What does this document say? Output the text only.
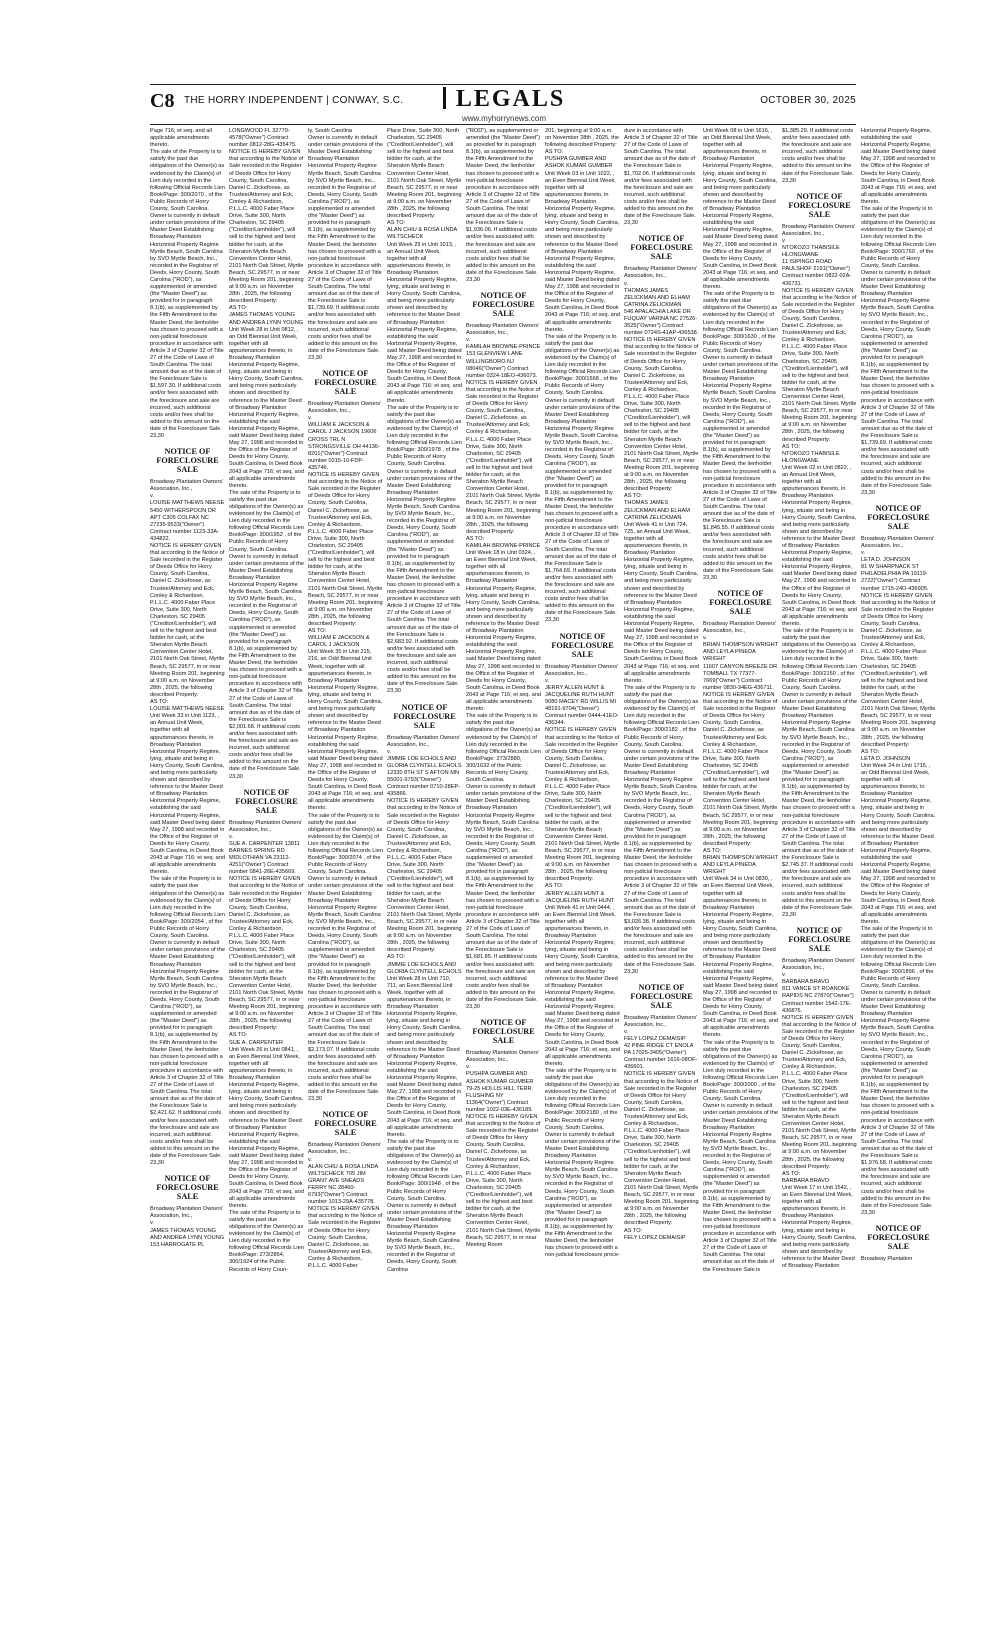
C8 THE HORRY INDEPENDENT | CONWAY, S.C.	LEGALS	OCTOBER 30, 2025
www.myhorrynews.com
Page 716; et seq. and all applicable amendments thereto.
The sale of the Property is to satisfy the past due obligations of the Owner(s) as evidenced by the Claim(s) of Lien duly recorded in the following Official Records Lien Book/Page: 300/2070 , of the Public Records of Horry County, South Carolina.
Owner is currently in default under certain provisions of the Master Deed Establishing Broadway Plantation Horizontal Property Regime Myrtle Beach, South Carolina by SVO Myrtle Beach, Inc., recorded in the Registrar of Deeds, Horry County, South Carolina ("ROD"), as supplemented or amended (the "Master Deed") as provided for in paragraph 8.1(b), as supplemented by the Fifth Amendment to the Master Deed, the lienholder has chosen to proceed with a non-judicial foreclosure procedure in accordance with Article 3 of Chapter 32 of Title 27 of the Code of Laws of South Carolina. The total amount due as of the date of the Foreclosure Sale is $1,597.30. If additional costs and/or fees associated with the foreclosure and sale are incurred, such additional costs and/or fees shall be added to this amount on the date of the Foreclosure Sale.
23,30
NOTICE OF FORECLOSURE SALE
Broadway Plantation Owners' Association, Inc.,
v.
LOUISE MATTHEWS NEESE
5450 WITHERSPOON DR APT C305 COLFAX NC 27235-9533("Owner") Contract number 1123-33A-434822.
NOTICE IS HEREBY GIVEN that according to the Notice of Sale recorded in the Register of Deeds Office for Horry County, South Carolina, Daniel C. Zickefoose, as Trustee/Attorney and Eck, Conley & Richardson, P.L.L.C. 4000 Faber Place Drive, Suite 300, North Charleston, SC 29405 ("Creditor/Lienholder"), will sell to the highest and best bidder for cash, at the Sheraton Myrtle Beach Convention Center Hotel, 2101 North Oak Street, Myrtle Beach, SC 29577, in or near Meeting Room 201, beginning at 9:00 a.m. on November 28th , 2025, the following described Property:
AS TO:
LOUISE MATTHEWS NEESE
Unit Week 33 in Unit 1123, , an Annual Unit Week, together with all appurtenances thereto, in Broadway Plantation Horizontal Property Regime, lying, situate and being in Horry County, South Carolina, and being more particularly shown and described by reference to the Master Deed of Broadway Plantation Horizontal Property Regime, establishing the said Horizontal Property Regime, said Master Deed being dated May 27, 1998 and recorded in the Office of the Register of Deeds for Horry County, South Carolina, in Deed Book 2043 at Page 716; et seq. and all applicable amendments thereto.
The sale of the Property is to satisfy the past due obligations of the Owner(s) as evidenced by the Claim(s) of Lien duly recorded in the following Official Records Lien Book/Page: 300/2054 , of the Public Records of Horry County, South Carolina.
Owner is currently in default under certain provisions of the Master Deed Establishing Broadway Plantation Horizontal Property Regime Myrtle Beach, South Carolina by SVO Myrtle Beach, Inc., recorded in the Registrar of Deeds, Horry County, South Carolina ("ROD"), as supplemented or amended (the "Master Deed") as provided for in paragraph 8.1(b), as supplemented by the Fifth Amendment to the Master Deed, the lienholder has chosen to proceed with a non-judicial foreclosure procedure in accordance with Article 3 of Chapter 32 of Title 27 of the Code of Laws of South Carolina. The total amount due as of the date of the Foreclosure Sale is $2,421.62. If additional costs and/or fees associated with the foreclosure and sale are incurred, such additional costs and/or fees shall be added to this amount on the date of the Foreclosure Sale.
23,30
NOTICE OF FORECLOSURE SALE
Broadway Plantation Owners' Association, Inc.,
v.
JAMES THOMAS YOUNG AND ANDREA LYNN YOUNG
153 HARROGATE PL
LONGWOOD FL 32779-4578("Owner") Contract number 0812-28G-435475.
NOTICE IS HEREBY GIVEN that according to the Notice of Sale recorded in the Register of Deeds Office for Horry County, South Carolina, Daniel C. Zickefoose, as Trustee/Attorney and Eck, Conley & Richardson, P.L.L.C. 4000 Faber Place Drive, Suite 300, North Charleston, SC 29405 ("Creditor/Lienholder"), will sell to the highest and best bidder for cash, at the Sheraton Myrtle Beach Convention Center Hotel, 2101 North Oak Street, Myrtle Beach, SC 29577, in or near Meeting Room 201, beginning at 9:00 a.m. on November 28th , 2025, the following described Property:
AS TO:
JAMES THOMAS YOUNG AND ANDREA LYNN YOUNG
Unit Week 28 in Unit 0812, , an Odd Biennial Unit Week, together with all appurtenances thereto, in Broadway Plantation Horizontal Property Regime, lying, situate and being in Horry County, South Carolina, and being more particularly shown and described by reference to the Master Deed of Broadway Plantation Horizontal Property Regime, establishing the said Horizontal Property Regime, said Master Deed being dated May 27, 1998 and recorded in the Office of the Register of Deeds for Horry County, South Carolina, in Deed Book 2043 at Page 716; et seq. and all applicable amendments thereto.
The sale of the Property is to satisfy the past due obligations of the Owner(s) as evidenced by the Claim(s) of Lien duly recorded in the following Official Records Lien Book/Page: 300/1952 , of the Public Records of Horry County, South Carolina.
Owner is currently in default under certain provisions of the Master Deed Establishing Broadway Plantation Horizontal Property Regime Myrtle Beach, South Carolina by SVO Myrtle Beach, Inc., recorded in the Registrar of Deeds, Horry County, South Carolina ("ROD"), as supplemented or amended (the "Master Deed") as provided for in paragraph 8.1(b), as supplemented by the Fifth Amendment to the Master Deed, the lienholder has chosen to proceed with a non-judicial foreclosure procedure in accordance with Article 3 of Chapter 32 of Title 27 of the Code of Laws of South Carolina. The total amount due as of the date of the Foreclosure Sale is $2,001.68. If additional costs and/or fees associated with the foreclosure and sale are incurred, such additional costs and/or fees shall be added to this amount on the date of the Foreclosure Sale.
23,30
NOTICE OF FORECLOSURE SALE
Broadway Plantation Owners' Association, Inc.,
v.
SUE A. CARPENTER 13811 BARNES SPRING RD MIDLOTHIAN VA 23112-4251("Owner") Contract number 0841-26E-435669.
NOTICE IS HEREBY GIVEN that according to the Notice of Sale recorded in the Register of Deeds Office for Horry County, South Carolina, Daniel C. Zickefoose, as Trustee/Attorney and Eck, Conley & Richardson, P.L.L.C. 4000 Faber Place Drive, Suite 300, North Charleston, SC 29405 ("Creditor/Lienholder"), will sell to the highest and best bidder for cash, at the Sheraton Myrtle Beach Convention Center Hotel, 2101 North Oak Street, Myrtle Beach, SC 29577, in or near Meeting Room 201, beginning at 9:00 a.m. on November 28th , 2025, the following described Property:
AS TO:
SUE A. CARPENTER
Unit Week 26 in Unit 0841, , an Even Biennial Unit Week, together with all appurtenances thereto, in Broadway Plantation Horizontal Property Regime, lying, situate and being in Horry County, South Carolina, and being more particularly shown and described by reference to the Master Deed of Broadway Plantation Horizontal Property Regime, establishing the said Horizontal Property Regime, said Master Deed being dated May 27, 1998 and recorded in the Office of the Register of Deeds for Horry County, South Carolina, in Deed Book 2043 at Page 716; et seq. and all applicable amendments thereto.
The sale of the Property is to satisfy the past due obligations of the Owner(s) as evidenced by the Claim(s) of Lien duly recorded in the following Official Records Lien Book/Page: 273/2854, 300/1924 of the Public Records of Horry Coun-
ty, South Carolina
Owner is currently in default under certain provisions of the Master Deed Establishing Broadway Plantation Horizontal Property Regime Myrtle Beach, South Carolina by SVO Myrtle Beach, Inc., recorded in the Registrar of Deeds, Horry County, South Carolina ("ROD"), as supplemented or amended (the "Master Deed") as provided for in paragraph 8.1(b), as supplemented by the Fifth Amendment to the Master Deed, the lienholder has chosen to proceed with a non-judicial foreclosure procedure in accordance with Article 3 of Chapter 32 of Title 27 of the Code of Laws of South Carolina. The total amount due as of the date of the Foreclosure Sale is $1,739.69. If additional costs and/or fees associated with the foreclosure and sale are incurred, such additional costs and/or fees shall be added to this amount on the date of the Foreclosure Sale.
23,30
NOTICE OF FORECLOSURE SALE
Broadway Plantation Owners' Association, Inc.,
v.
WILLIAM E JACKSON & CAROL J JACKSON 19606 CROSS TRL N STRONGSVILLE OH 44136-8201("Owner") Contract number 0215-10-FDP-435746.
NOTICE IS HEREBY GIVEN that according to the Notice of Sale recorded in the Register of Deeds Office for Horry County, South Carolina, Daniel C. Zickefoose, as Trustee/Attorney and Eck, Conley & Richardson, P.L.L.C. 4000 Faber Place Drive, Suite 300, North Charleston, SC 29405 ("Creditor/Lienholder"), will sell to the highest and best bidder for cash, at the Sheraton Myrtle Beach Convention Center Hotel, 2101 North Oak Street, Myrtle Beach, SC 29577, in or near Meeting Room 201, beginning at 9:00 a.m. on November 28th , 2025, the following described Property:
AS TO:
WILLIAM E JACKSON & CAROL J JACKSON
Unit Week 35 in Unit 215, 216, an Odd Biennial Unit Week, together with all appurtenances thereto, in Broadway Plantation Horizontal Property Regime, lying, situate and being in Horry County, South Carolina, and being more particularly shown and described by reference to the Master Deed of Broadway Plantation Horizontal Property Regime, establishing the said Horizontal Property Regime, said Master Deed being dated May 27, 1998 and recorded in the Office of the Register of Deeds for Horry County, South Carolina, in Deed Book 2043 at Page 716; et seq. and all applicable amendments thereto.
The sale of the Property is to satisfy the past due obligations of the Owner(s) as evidenced by the Claim(s) of Lien duly recorded in the following Official Records Lien Book/Page: 300/2074 , of the Public Records of Horry County, South Carolina.
Owner is currently in default under certain provisions of the Master Deed Establishing Broadway Plantation Horizontal Property Regime Myrtle Beach, South Carolina by SVO Myrtle Beach, Inc., recorded in the Registrar of Deeds, Horry County, South Carolina ("ROD"), as supplemented or amended (the "Master Deed") as provided for in paragraph 8.1(b), as supplemented by the Fifth Amendment to the Master Deed, the lienholder has chosen to proceed with a non-judicial foreclosure procedure in accordance with Article 3 of Chapter 32 of Title 27 of the Code of Laws of South Carolina. The total amount due as of the date of the Foreclosure Sale is $2,173.07. If additional costs and/or fees associated with the foreclosure and sale are incurred, such additional costs and/or fees shall be added to this amount on the date of the Foreclosure Sale.
23,30
NOTICE OF FORECLOSURE SALE
Broadway Plantation Owners' Association, Inc.,
v.
ALAN CHIU & ROSA LINDA WILTSCHECK 705 JIM GRANT AVE SNEADS FERRY NC 28460-6793("Owner") Contract number 1013-29A-435778.
NOTICE IS HEREBY GIVEN that according to the Notice of Sale recorded in the Register of Deeds Office for Horry County, South Carolina, Daniel C. Zickefoose, as Trustee/Attorney and Eck, Conley & Richardson, P.L.L.C. 4000 Faber
Place Drive, Suite 300, North Charleston, SC 29405 ("Creditor/Lienholder"), will sell to the highest and best bidder for cash, at the Sheraton Myrtle Beach Convention Center Hotel, 2101 North Oak Street, Myrtle Beach, SC 29577, in or near Meeting Room 201, beginning at 9:00 a.m. on November 28th , 2025, the following described Property:
AS TO:
ALAN CHIU & ROSA LINDA WILTSCHECK
Unit Week 29 in Unit 1013, , an Annual Unit Week, together with all appurtenances thereto, in Broadway Plantation Horizontal Property Regime, lying, situate and being in Horry County, South Carolina, and being more particularly shown and described by reference to the Master Deed of Broadway Plantation Horizontal Property Regime, establishing the said Horizontal Property Regime, said Master Deed being dated May 27, 1998 and recorded in the Office of the Register of Deeds for Horry County, South Carolina, in Deed Book 2043 at Page 716; et seq. and all applicable amendments thereto.
The sale of the Property is to satisfy the past due obligations of the Owner(s) as evidenced by the Claim(s) of Lien duly recorded in the following Official Records Lien Book/Page: 300/1978 , of the Public Records of Horry County, South Carolina.
Owner is currently in default under certain provisions of the Master Deed Establishing Broadway Plantation Horizontal Property Regime Myrtle Beach, South Carolina by SVO Myrtle Beach, Inc., recorded in the Registrar of Deeds, Horry County, South Carolina ("ROD"), as supplemented or amended (the "Master Deed") as provided for in paragraph 8.1(b), as supplemented by the Fifth Amendment to the Master Deed, the lienholder has chosen to proceed with a non-judicial foreclosure procedure in accordance with Article 3 of Chapter 32 of Title 27 of the Code of Laws of South Carolina. The total amount due as of the date of the Foreclosure Sale is $2,683.92. If additional costs and/or fees associated with the foreclosure and sale are incurred, such additional costs and/or fees shall be added to this amount on the date of the Foreclosure Sale.
23,30
NOTICE OF FORECLOSURE SALE
Broadway Plantation Owners' Association, Inc.,
v.
JIMMIE LOE ECHOLS AND GLORIA CLYNTELL ECHOLS 12330 8TH ST S AFTON MN 55001-9793("Owner") Contract number 0710-28EP-435866.
NOTICE IS HEREBY GIVEN that according to the Notice of Sale recorded in the Register of Deeds Office for Horry County, South Carolina, Daniel C. Zickefoose, as Trustee/Attorney and Eck, Conley & Richardson, P.L.L.C. 4000 Faber Place Drive, Suite 300, North Charleston, SC 29405 ("Creditor/Lienholder"), will sell to the highest and best bidder for cash, at the Sheraton Myrtle Beach Convention Center Hotel, 2101 North Oak Street, Myrtle Beach, SC 29577, in or near Meeting Room 201, beginning at 9:00 a.m. on November 28th , 2025, the following described Property:
AS TO:
JIMMIE LOE ECHOLS AND GLORIA CLYNTELL ECHOLS
Unit Week 28 in Unit 710, 711, an Even Biennial Unit Week, together with all appurtenances thereto, in Broadway Plantation Horizontal Property Regime, lying, situate and being in Horry County, South Carolina, and being more particularly shown and described by reference to the Master Deed of Broadway Plantation Horizontal Property Regime, establishing the said Horizontal Property Regime, said Master Deed being dated May 27, 1998 and recorded in the Office of the Register of Deeds for Horry County, South Carolina, in Deed Book 2043 at Page 716; et seq. and all applicable amendments thereto.
The sale of the Property is to satisfy the past due obligations of the Owner(s) as evidenced by the Claim(s) of Lien duly recorded in the following Official Records Lien Book/Page: 300/1948 , of the Public Records of Horry County, South Carolina.
Owner is currently in default under certain provisions of the Master Deed Establishing Broadway Plantation Horizontal Property Regime Myrtle Beach, South Carolina by SVO Myrtle Beach, Inc., recorded in the Registrar of Deeds, Horry County, South Carolina
("ROD"), as supplemented or amended (the "Master Deed") as provided for in paragraph 8.1(b), as supplemented by the Fifth Amendment to the Master Deed, the lienholder has chosen to proceed with a non-judicial foreclosure procedure in accordance with Article 3 of Chapter 32 of Title 27 of the Code of Laws of South Carolina. The total amount due as of the date of the Foreclosure Sale is $1,936.06. If additional costs and/or fees associated with the foreclosure and sale are incurred, such additional costs and/or fees shall be added to this amount on the date of the Foreclosure Sale.
23,30
NOTICE OF FORECLOSURE SALE
Broadway Plantation Owners' Association, Inc.,
v.
KAMILAH BROWNE-PRINCE 153 GLENVIEW LANE WILLINGBORO NJ 08046("Owner") Contract number 0324-18EO-436073.
NOTICE IS HEREBY GIVEN that according to the Notice of Sale recorded in the Register of Deeds Office for Horry County, South Carolina, Daniel C. Zickefoose, as Trustee/Attorney and Eck, Conley & Richardson, P.L.L.C. 4000 Faber Place Drive, Suite 300, North Charleston, SC 29405 ("Creditor/Lienholder"), will sell to the highest and best bidder for cash, at the Sheraton Myrtle Beach Convention Center Hotel, 2101 North Oak Street, Myrtle Beach, SC 29577, in or near Meeting Room 201, beginning at 9:00 a.m. on November 28th , 2025, the following described Property:
AS TO:
KAMILAH BROWNE-PRINCE
Unit Week 18 in Unit 0324, , an Even Biennial Unit Week, together with all appurtenances thereto, in Broadway Plantation Horizontal Property Regime, lying, situate and being in Horry County, South Carolina, and being more particularly shown and described by reference to the Master Deed of Broadway Plantation Horizontal Property Regime, establishing the said Horizontal Property Regime, said Master Deed being dated May 27, 1998 and recorded in the Office of the Register of Deeds for Horry County, South Carolina, in Deed Book 2043 at Page 716; et seq. and all applicable amendments thereto.
The sale of the Property is to satisfy the past due obligations of the Owner(s) as evidenced by the Claim(s) of Lien duly recorded in the following Official Records Lien Book/Page: 273/2880, 300/1632 of the Public Records of Horry County, South Carolina.
Owner is currently in default under certain provisions of the Master Deed Establishing Broadway Plantation Horizontal Property Regime Myrtle Beach, South Carolina by SVO Myrtle Beach, Inc., recorded in the Registrar of Deeds, Horry County, South Carolina ("ROD"), as supplemented or amended (the "Master Deed") as provided for in paragraph 8.1(b), as supplemented by the Fifth Amendment to the Master Deed, the lienholder has chosen to proceed with a non-judicial foreclosure procedure in accordance with Article 3 of Chapter 32 of Title 27 of the Code of Laws of South Carolina. The total amount due as of the date of the Foreclosure Sale is $1,681.85. If additional costs and/or fees associated with the foreclosure and sale are incurred, such additional costs and/or fees shall be added to this amount on the date of the Foreclosure Sale.
23,30
NOTICE OF FORECLOSURE SALE
Broadway Plantation Owners' Association, Inc.,
v.
PUSHPA GUMBER AND ASHOK KUMAR GUMBER 79-25 HOLLIS HILL TERR. FLUSHING NY 11364("Owner") Contract number 1022-03E-436189.
NOTICE IS HEREBY GIVEN that according to the Notice of Sale recorded in the Register of Deeds Office for Horry County, South Carolina, Daniel C. Zickefoose, as Trustee/Attorney and Eck, Conley & Richardson, P.L.L.C. 4000 Faber Place Drive, Suite 300, North Charleston, SC 29405 ("Creditor/Lienholder"), will sell to the highest and best bidder for cash, at the Sheraton Myrtle Beach Convention Center Hotel, 2101 North Oak Street, Myrtle Beach, SC 29577, in or near Meeting Room
201, beginning at 9:00 a.m. on November 28th , 2025, the following described Property:
AS TO:
PUSHPA GUMBER AND ASHOK KUMAR GUMBER
Unit Week 03 in Unit 1022, , an Even Biennial Unit Week, together with all appurtenances thereto, in Broadway Plantation Horizontal Property Regime, lying, situate and being in Horry County, South Carolina, and being more particularly shown and described by reference to the Master Deed of Broadway Plantation Horizontal Property Regime, establishing the said Horizontal Property Regime, said Master Deed being dated May 27, 1998 and recorded in the Office of the Register of Deeds for Horry County, South Carolina, in Deed Book 2043 at Page 716; et seq. and all applicable amendments thereto.
The sale of the Property is to satisfy the past due obligations of the Owner(s) as evidenced by the Claim(s) of Lien duly recorded in the following Official Records Lien Book/Page: 300/1568 , of the Public Records of Horry County, South Carolina.
Owner is currently in default under certain provisions of the Master Deed Establishing Broadway Plantation Horizontal Property Regime Myrtle Beach, South Carolina by SVO Myrtle Beach, Inc., recorded in the Registrar of Deeds, Horry County, South Carolina ("ROD"), as supplemented or amended (the "Master Deed") as provided for in paragraph 8.1(b), as supplemented by the Fifth Amendment to the Master Deed, the lienholder has chosen to proceed with a non-judicial foreclosure procedure in accordance with Article 3 of Chapter 32 of Title 27 of the Code of Laws of South Carolina. The total amount due as of the date of the Foreclosure Sale is $1,764.69. If additional costs and/or fees associated with the foreclosure and sale are incurred, such additional costs and/or fees shall be added to this amount on the date of the Foreclosure Sale.
23,30
NOTICE OF FORECLOSURE SALE
Broadway Plantation Owners' Association, Inc.,
v.
JERRY ALLEN HUNT & JACQUELINE RUTH HUNT
9080 MACEY RD WILLIS MI 48191-9704("Owner") Contract number 0444-41EO-436344.
NOTICE IS HEREBY GIVEN that according to the Notice of Sale recorded in the Register of Deeds Office for Horry County, South Carolina, Daniel C. Zickefoose, as Trustee/Attorney and Eck, Conley & Richardson, P.L.L.C. 4000 Faber Place Drive, Suite 300, North Charleston, SC 29405 ("Creditor/Lienholder"), will sell to the highest and best bidder for cash, at the Sheraton Myrtle Beach Convention Center Hotel, 2101 North Oak Street, Myrtle Beach, SC 29577, in or near Meeting Room 201, beginning at 9:00 a.m. on November 28th , 2025, the following described Property:
AS TO:
JERRY ALLEN HUNT & JACQUELINE RUTH HUNT
Unit Week 41 in Unit 0444, , an Even Biennial Unit Week, together with all appurtenances thereto, in Broadway Plantation Horizontal Property Regime, lying, situate and being in Horry County, South Carolina, and being more particularly shown and described by reference to the Master Deed of Broadway Plantation Horizontal Property Regime, establishing the said Horizontal Property Regime, said Master Deed being dated May 27, 1998 and recorded in the Office of the Register of Deeds for Horry County, South Carolina, in Deed Book 2043 at Page 716; et seq. and all applicable amendments thereto.
The sale of the Property is to satisfy the past due obligations of the Owner(s) as evidenced by the Claim(s) of Lien duly recorded in the following Official Records Lien Book/Page: 300/2180 , of the Public Records of Horry County, South Carolina.
Owner is currently in default under certain provisions of the Master Deed Establishing Broadway Plantation Horizontal Property Regime Myrtle Beach, South Carolina by SVO Myrtle Beach, Inc., recorded in the Registrar of Deeds, Horry County, South Carolina ("ROD"), as supplemented or amended (the "Master Deed") as provided for in paragraph 8.1(b), as supplemented by the Fifth Amendment to the Master Deed, the lienholder has chosen to proceed with a non-judicial foreclosure proce-
dure in accordance with Article 3 of Chapter 32 of Title 27 of the Code of Laws of South Carolina. The total amount due as of the date of the Foreclosure Sale is $1,702.06. If additional costs and/or fees associated with the foreclosure and sale are incurred, such additional costs and/or fees shall be added to this amount on the date of the Foreclosure Sale.
23,30
NOTICE OF FORECLOSURE SALE
Broadway Plantation Owners' Association, Inc.,
v.
THOMAS JAMES ZELICKMAN AND ELHAM CATRINA ZELICKMAN
546 APALACHIA LAKE DR FUQUAY VARINA NC 27526-3525("Owner") Contract number 0724S-41AP-436538.
NOTICE IS HEREBY GIVEN that according to the Notice of Sale recorded in the Register of Deeds Office for Horry County, South Carolina, Daniel C. Zickefoose, as Trustee/Attorney and Eck, Conley & Richardson, P.L.L.C. 4000 Faber Place Drive, Suite 300, North Charleston, SC 29405 ("Creditor/Lienholder"), will sell to the highest and best bidder for cash, at the Sheraton Myrtle Beach Convention Center Hotel, 2101 North Oak Street, Myrtle Beach, SC 29577, in or near Meeting Room 201, beginning at 9:00 a.m. on November 28th , 2025, the following described Property:
AS TO:
THOMAS JAMES ZELICKMAN AND ELHAM CATRINA ZELICKMAN
Unit Week 41 in Unit 724, 725, an Annual Unit Week, together with all appurtenances thereto, in Broadway Plantation Horizontal Property Regime, lying, situate and being in Horry County, South Carolina, and being more particularly shown and described by reference to the Master Deed of Broadway Plantation Horizontal Property Regime, establishing the said Horizontal Property Regime, said Master Deed being dated May 27, 1998 and recorded in the Office of the Register of Deeds for Horry County, South Carolina, in Deed Book 2043 at Page 716; et seq. and all applicable amendments thereto.
The sale of the Property is to satisfy the past due obligations of the Owner(s) as evidenced by the Claim(s) of Lien duly recorded in the following Official Records Lien Book/Page: 300/2182 , of the Public Records of Horry County, South Carolina.
Owner is currently in default under certain provisions of the Master Deed Establishing Broadway Plantation Horizontal Property Regime Myrtle Beach, South Carolina by SVO Myrtle Beach, Inc., recorded in the Registrar of Deeds, Horry County, South Carolina ("ROD"), as supplemented or amended (the "Master Deed") as provided for in paragraph 8.1(b), as supplemented by the Fifth Amendment to the Master Deed, the lienholder has chosen to proceed with a non-judicial foreclosure procedure in accordance with Article 3 of Chapter 32 of Title 27 of the Code of Laws of South Carolina. The total amount due as of the date of the Foreclosure Sale is $3,026.38. If additional costs and/or fees associated with the foreclosure and sale are incurred, such additional costs and/or fees shall be added to this amount on the date of the Foreclosure Sale.
23,30
NOTICE OF FORECLOSURE SALE
Broadway Plantation Owners' Association, Inc.,
v.
FELY LOPEZ DEMAISIP
42 PINE RIDGE CT ENOLA PA 17025-3405("Owner") Contract number 1616-08OF-436601.
NOTICE IS HEREBY GIVEN that according to the Notice of Sale recorded in the Register of Deeds Office for Horry County, South Carolina, Daniel C. Zickefoose, as Trustee/Attorney and Eck, Conley & Richardson, P.L.L.C. 4000 Faber Place Drive, Suite 300, North Charleston, SC 29405 ("Creditor/Lienholder"), will sell to the highest and best bidder for cash, at the Sheraton Myrtle Beach Convention Center Hotel, 2101 North Oak Street, Myrtle Beach, SC 29577, in or near Meeting Room 201, beginning at 9:00 a.m. on November 28th , 2025, the following described Property:
AS TO:
FELY LOPEZ DEMAISIP
Unit Week 08 in Unit 1616, , an Odd Biennial Unit Week, together with all appurtenances thereto, in Broadway Plantation Horizontal Property Regime, lying, situate and being in Horry County, South Carolina, and being more particularly shown and described by reference to the Master Deed of Broadway Plantation Horizontal Property Regime, establishing the said Horizontal Property Regime, said Master Deed being dated May 27, 1998 and recorded in the Office of the Register of Deeds for Horry County, South Carolina, in Deed Book 2043 at Page 716; et seq. and all applicable amendments thereto.
The sale of the Property is to satisfy the past due obligations of the Owner(s) as evidenced by the Claim(s) of Lien duly recorded in the following Official Records Lien Book/Page: 300/1630 , of the Public Records of Horry County, South Carolina.
Owner is currently in default under certain provisions of the Master Deed Establishing Broadway Plantation Horizontal Property Regime Myrtle Beach, South Carolina by SVO Myrtle Beach, Inc., recorded in the Registrar of Deeds, Horry County, South Carolina ("ROD"), as supplemented or amended (the "Master Deed") as provided for in paragraph 8.1(b), as supplemented by the Fifth Amendment to the Master Deed, the lienholder has chosen to proceed with a non-judicial foreclosure procedure in accordance with Article 3 of Chapter 32 of Title 27 of the Code of Laws of South Carolina. The total amount due as of the date of the Foreclosure Sale is $1,845.55. If additional costs and/or fees associated with the foreclosure and sale are incurred, such additional costs and/or fees shall be added to this amount on the date of the Foreclosure Sale.
23,30
NOTICE OF FORECLOSURE SALE
Broadway Plantation Owners' Association, Inc.,
v.
BRIAN THOMPSON WRIGHT AND LEYLA PINEDA WRIGHT
11607 CANYON BREEZE DR TOMBALL TX 77377-7669("Owner") Contract number 0830-34EG-436711.
NOTICE IS HEREBY GIVEN that according to the Notice of Sale recorded in the Register of Deeds Office for Horry County, South Carolina, Daniel C. Zickefoose, as Trustee/Attorney and Eck, Conley & Richardson, P.L.L.C. 4000 Faber Place Drive, Suite 300, North Charleston, SC 29405 ("Creditor/Lienholder"), will sell to the highest and best bidder for cash, at the Sheraton Myrtle Beach Convention Center Hotel, 2101 North Oak Street, Myrtle Beach, SC 29577, in or near Meeting Room 201, beginning at 9:00 a.m. on November 28th , 2025, the following described Property:
AS TO:
BRIAN THOMPSON WRIGHT AND LEYLA PINEDA WRIGHT
Unit Week 34 in Unit 0830, , an Even Biennial Unit Week, together with all appurtenances thereto, in Broadway Plantation Horizontal Property Regime, lying, situate and being in Horry County, South Carolina, and being more particularly shown and described by reference to the Master Deed of Broadway Plantation Horizontal Property Regime, establishing the said Horizontal Property Regime, said Master Deed being dated May 27, 1998 and recorded in the Office of the Register of Deeds for Horry County, South Carolina, in Deed Book 2043 at Page 716; et seq. and all applicable amendments thereto.
The sale of the Property is to satisfy the past due obligations of the Owner(s) as evidenced by the Claim(s) of Lien duly recorded in the following Official Records Lien Book/Page: 300/2000 , of the Public Records of Horry County, South Carolina.
Owner is currently in default under certain provisions of the Master Deed Establishing Broadway Plantation Horizontal Property Regime Myrtle Beach, South Carolina by SVO Myrtle Beach, Inc., recorded in the Registrar of Deeds, Horry County, South Carolina ("ROD"), as supplemented or amended (the "Master Deed") as provided for in paragraph 8.1(b), as supplemented by the Fifth Amendment to the Master Deed, the lienholder has chosen to proceed with a non-judicial foreclosure procedure in accordance with Article 3 of Chapter 32 of Title 27 of the Code of Laws of South Carolina. The total amount due as of the date of the Foreclosure Sale is
$1,385.29. If additional costs and/or fees associated with the foreclosure and sale are incurred, such additional costs and/or fees shall be added to this amount on the date of the Foreclosure Sale.
23,30
NOTICE OF FORECLOSURE SALE
Broadway Plantation Owners' Association, Inc.,
v.
NTOKOZO THABISILE HLONGWANE
11 ISIPINGO ROAD PAULSHOF 2191("Owner") Contract number 0822-02A-436731.
NOTICE IS HEREBY GIVEN that according to the Notice of Sale recorded in the Register of Deeds Office for Horry County, South Carolina, Daniel C. Zickefoose, as Trustee/Attorney and Eck, Conley & Richardson, P.L.L.C. 4000 Faber Place Drive, Suite 300, North Charleston, SC 29405 ("Creditor/Lienholder"), will sell to the highest and best bidder for cash, at the Sheraton Myrtle Beach Convention Center Hotel, 2101 North Oak Street, Myrtle Beach, SC 29577, in or near Meeting Room 201, beginning at 9:00 a.m. on November 28th , 2025, the following described Property:
AS TO:
NTOKOZO THABISILE HLONGWANE
Unit Week 02 in Unit 0822, , an Annual Unit Week, together with all appurtenances thereto, in Broadway Plantation Horizontal Property Regime, lying, situate and being in Horry County, South Carolina, and being more particularly shown and described by reference to the Master Deed of Broadway Plantation Horizontal Property Regime, establishing the said Horizontal Property Regime, said Master Deed being dated May 27, 1998 and recorded in the Office of the Register of Deeds for Horry County, South Carolina, in Deed Book 2043 at Page 716; et seq. and all applicable amendments thereto.
The sale of the Property is to satisfy the past due obligations of the Owner(s) as evidenced by the Claim(s) of Lien duly recorded in the following Official Records Lien Book/Page: 300/2150 , of the Public Records of Horry County, South Carolina.
Owner is currently in default under certain provisions of the Master Deed Establishing Broadway Plantation Horizontal Property Regime Myrtle Beach, South Carolina by SVO Myrtle Beach, Inc., recorded in the Registrar of Deeds, Horry County, South Carolina ("ROD"), as supplemented or amended (the "Master Deed") as provided for in paragraph 8.1(b), as supplemented by the Fifth Amendment to the Master Deed, the lienholder has chosen to proceed with a non-judicial foreclosure procedure in accordance with Article 3 of Chapter 32 of Title 27 of the Code of Laws of South Carolina. The total amount due as of the date of the Foreclosure Sale is $2,745.37. If additional costs and/or fees associated with the foreclosure and sale are incurred, such additional costs and/or fees shall be added to this amount on the date of the Foreclosure Sale.
23,30
NOTICE OF FORECLOSURE SALE
Broadway Plantation Owners' Association, Inc.,
v.
BARBARA BRAVO
811 VANCE ST ROANOKE RAPIDS NC 27870("Owner") Contract number 1542-17E-436876.
NOTICE IS HEREBY GIVEN that according to the Notice of Sale recorded in the Register of Deeds Office for Horry County, South Carolina, Daniel C. Zickefoose, as Trustee/Attorney and Eck, Conley & Richardson, P.L.L.C. 4000 Faber Place Drive, Suite 300, North Charleston, SC 29405 ("Creditor/Lienholder"), will sell to the highest and best bidder for cash, at the Sheraton Myrtle Beach Convention Center Hotel, 2101 North Oak Street, Myrtle Beach, SC 29577, in or near Meeting Room 201, beginning at 9:00 a.m. on November 28th , 2025, the following described Property:
AS TO:
BARBARA BRAVO
Unit Week 17 in Unit 1542, , an Even Biennial Unit Week, together with all appurtenances thereto, in Broadway Plantation Horizontal Property Regime, lying, situate and being in Horry County, South Carolina, and being more particularly shown and described by reference to the Master Deed of Broadway Plantation
Horizontal Property Regime, establishing the said Horizontal Property Regime, said Master Deed being dated May 27, 1998 and recorded in the Office of the Register of Deeds for Horry County, South Carolina, in Deed Book 2043 at Page 716; et seq. and all applicable amendments thereto.
The sale of the Property is to satisfy the past due obligations of the Owner(s) as evidenced by the Claim(s) of Lien duly recorded in the following Official Records Lien Book/Page: 300/1760 , of the Public Records of Horry County, South Carolina.
Owner is currently in default under certain provisions of the Master Deed Establishing Broadway Plantation Horizontal Property Regime Myrtle Beach, South Carolina by SVO Myrtle Beach, Inc., recorded in the Registrar of Deeds, Horry County, South Carolina ("ROD"), as supplemented or amended (the "Master Deed") as provided for in paragraph 8.1(b), as supplemented by the Fifth Amendment to the Master Deed, the lienholder has chosen to proceed with a non-judicial foreclosure procedure in accordance with Article 3 of Chapter 32 of Title 27 of the Code of Laws of South Carolina. The total amount due as of the date of the Foreclosure Sale is $1,739.69. If additional costs and/or fees associated with the foreclosure and sale are incurred, such additional costs and/or fees shall be added to this amount on the date of the Foreclosure Sale.
23,30
NOTICE OF FORECLOSURE SALE
Broadway Plantation Owners' Association, Inc.,
v.
LETA D. JOHNSON
81 W SHARPNACK ST PHILADELPHIA PA 19119-2722("Owner") Contract number 1715-24O-436905.
NOTICE IS HEREBY GIVEN that according to the Notice of Sale recorded in the Register of Deeds Office for Horry County, South Carolina, Daniel C. Zickefoose, as Trustee/Attorney and Eck, Conley & Richardson, P.L.L.C. 4000 Faber Place Drive, Suite 300, North Charleston, SC 29405 ("Creditor/Lienholder"), will sell to the highest and best bidder for cash, at the Sheraton Myrtle Beach Convention Center Hotel, 2101 North Oak Street, Myrtle Beach, SC 29577, in or near Meeting Room 201, beginning at 9:00 a.m. on November 28th , 2025, the following described Property:
AS TO:
LETA D. JOHNSON
Unit Week 24 in Unit 1715, , an Odd Biennial Unit Week, together with all appurtenances thereto, in Broadway Plantation Horizontal Property Regime, lying, situate and being in Horry County, South Carolina, and being more particularly shown and described by reference to the Master Deed of Broadway Plantation Horizontal Property Regime, establishing the said Horizontal Property Regime, said Master Deed being dated May 27, 1998 and recorded in the Office of the Register of Deeds for Horry County, South Carolina, in Deed Book 2043 at Page 716; et seq. and all applicable amendments thereto.
The sale of the Property is to satisfy the past due obligations of the Owner(s) as evidenced by the Claim(s) of Lien duly recorded in the following Official Records Lien Book/Page: 300/1896 , of the Public Records of Horry County, South Carolina.
Owner is currently in default under certain provisions of the Master Deed Establishing Broadway Plantation Horizontal Property Regime Myrtle Beach, South Carolina by SVO Myrtle Beach, Inc., recorded in the Registrar of Deeds, Horry County, South Carolina ("ROD"), as supplemented or amended (the "Master Deed") as provided for in paragraph 8.1(b), as supplemented by the Fifth Amendment to the Master Deed, the lienholder has chosen to proceed with a non-judicial foreclosure procedure in accordance with Article 3 of Chapter 32 of Title 27 of the Code of Laws of South Carolina. The total amount due as of the date of the Foreclosure Sale is $1,976.68. If additional costs and/or fees associated with the foreclosure and sale are incurred, such additional costs and/or fees shall be added to this amount on the date of the Foreclosure Sale.
23,30
NOTICE OF FORECLOSURE SALE
Broadway Plantation
